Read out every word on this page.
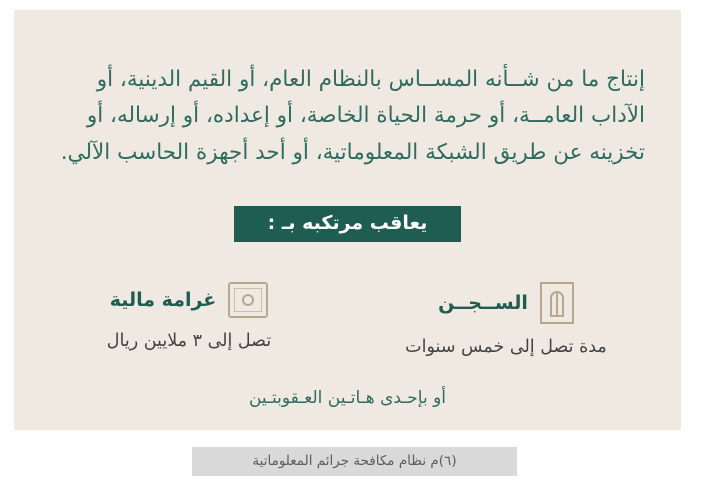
إنتاج ما من شــأنه المســاس بالنظام العام، أو القيم الدينية، أو الآداب العامــة، أو حرمة الحياة الخاصة، أو إعداده، أو إرساله، أو تخزينه عن طريق الشبكة المعلوماتية، أو أحد أجهزة الحاسب الآلي.

يعاقب مرتكبه بـ :
الســجــن
مدة تصل إلى خمس سنوات
غرامة مالية
تصل إلى ٣ ملايين ريال
أو بإحـدى هـاتـين العـقوبتـين
(٦)م نظام مكافحة جرائم المعلوماتية
